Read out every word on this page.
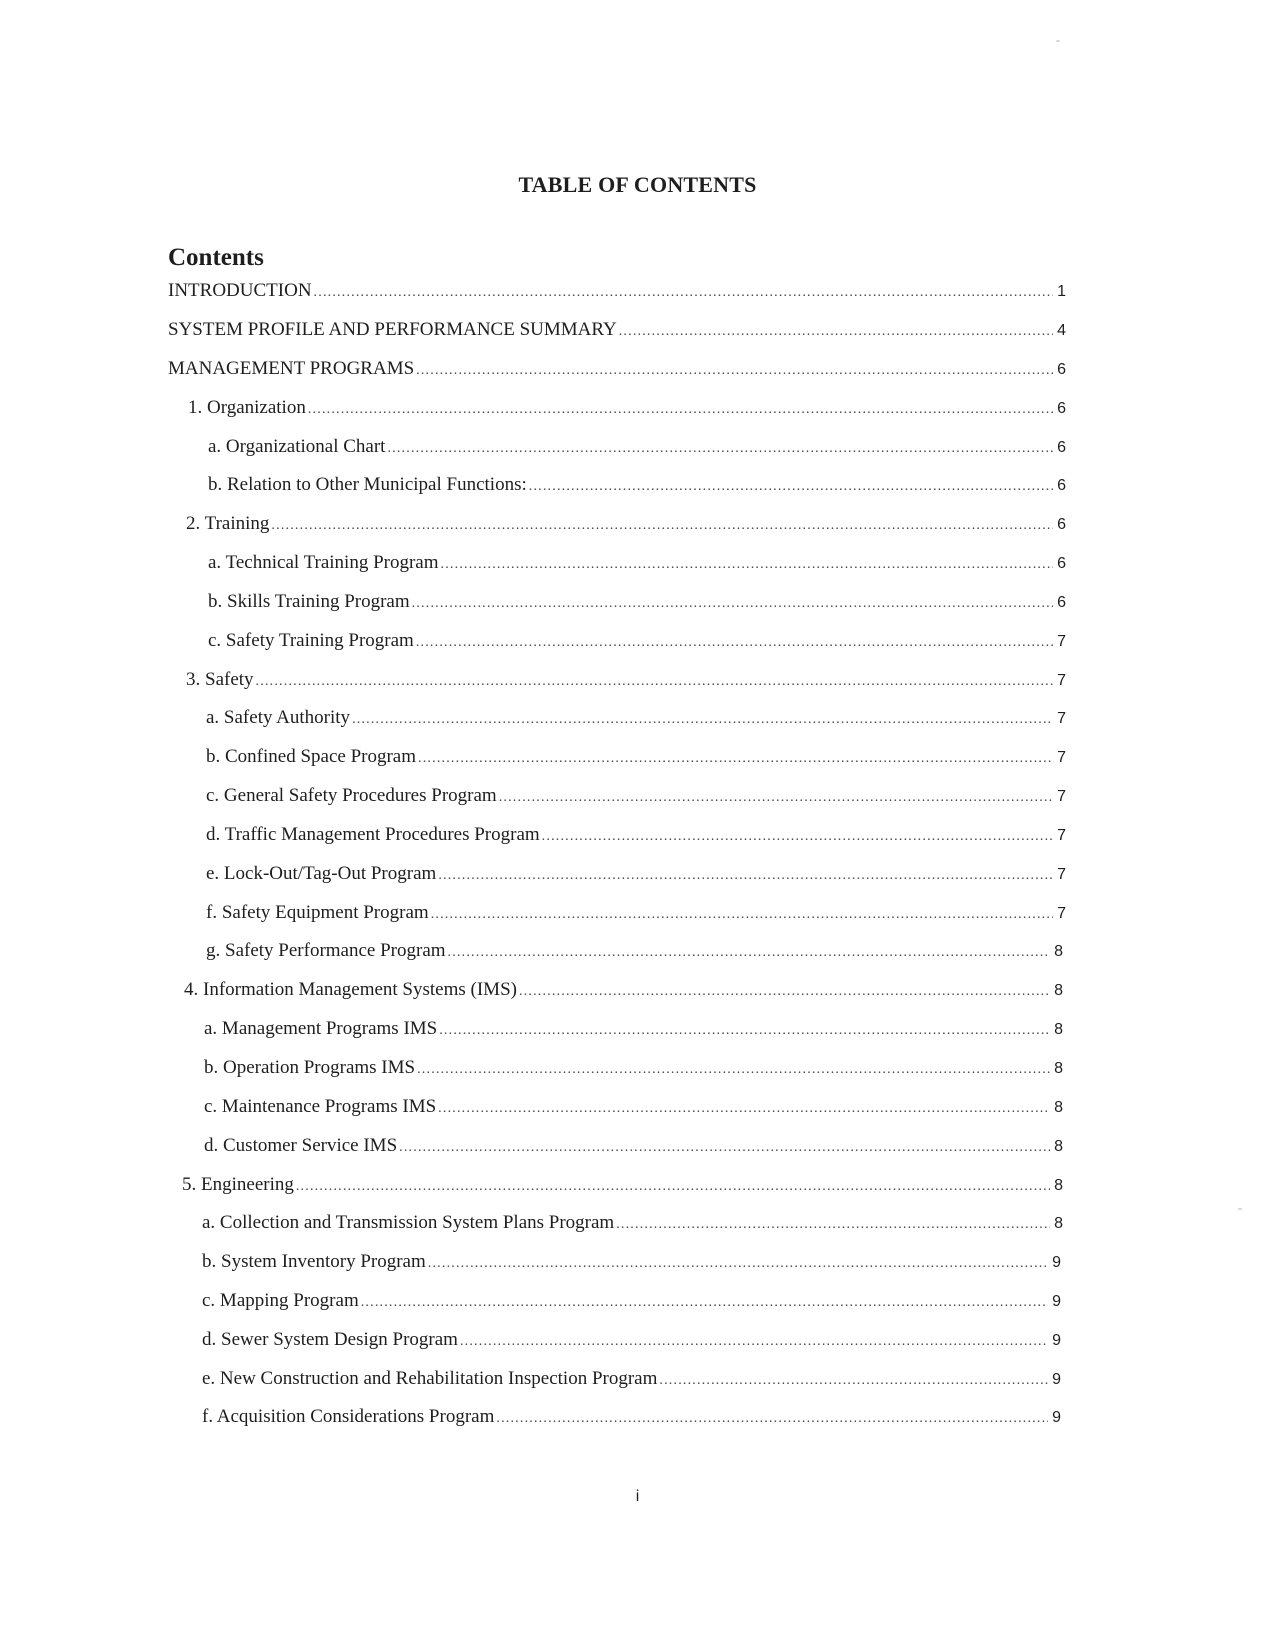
TABLE OF CONTENTS
Contents
INTRODUCTION .....	1
SYSTEM PROFILE AND PERFORMANCE SUMMARY .....	4
MANAGEMENT PROGRAMS .....	6
1. Organization .....	6
a. Organizational Chart .....	6
b. Relation to Other Municipal Functions: .....	6
2. Training .....	6
a. Technical Training Program .....	6
b. Skills Training Program .....	6
c. Safety Training Program .....	7
3. Safety .....	7
a. Safety Authority .....	7
b. Confined Space Program .....	7
c. General Safety Procedures Program .....	7
d. Traffic Management Procedures Program .....	7
e. Lock-Out/Tag-Out Program .....	7
f. Safety Equipment Program .....	7
g. Safety Performance Program .....	8
4. Information Management Systems (IMS) .....	8
a. Management Programs IMS .....	8
b. Operation Programs IMS .....	8
c. Maintenance Programs IMS .....	8
d. Customer Service IMS .....	8
5. Engineering .....	8
a. Collection and Transmission System Plans Program .....	8
b. System Inventory Program .....	9
c. Mapping Program .....	9
d. Sewer System Design Program .....	9
e. New Construction and Rehabilitation Inspection Program .....	9
f. Acquisition Considerations Program .....	9
i
